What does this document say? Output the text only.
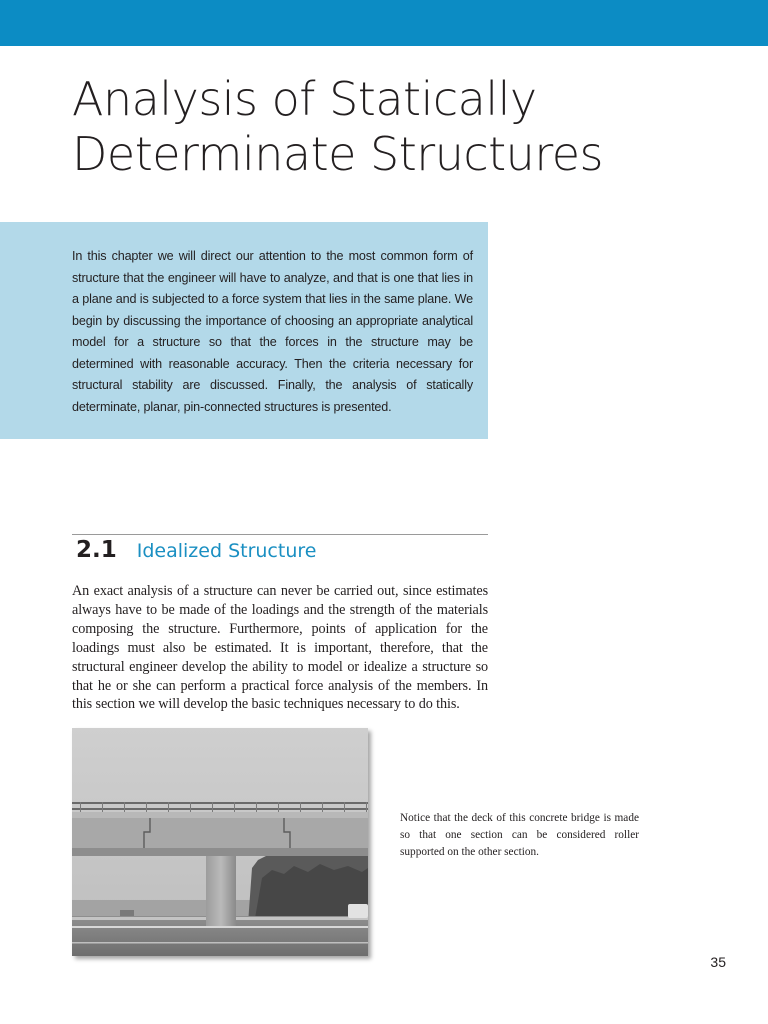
Analysis of Statically
Determinate Structures

In this chapter we will direct our attention to the most common form of structure that the engineer will have to analyze, and that is one that lies in a plane and is subjected to a force system that lies in the same plane. We begin by discussing the importance of choosing an appropriate analytical model for a structure so that the forces in the structure may be determined with reasonable accuracy. Then the criteria necessary for structural stability are discussed. Finally, the analysis of statically determinate, planar, pin-connected structures is presented.

2.1 Idealized Structure

An exact analysis of a structure can never be carried out, since estimates always have to be made of the loadings and the strength of the materials composing the structure. Furthermore, points of application for the loadings must also be estimated. It is important, therefore, that the structural engineer develop the ability to model or idealize a structure so that he or she can perform a practical force analysis of the members. In this section we will develop the basic techniques necessary to do this.

Notice that the deck of this concrete bridge is made so that one section can be considered roller supported on the other section.

35
